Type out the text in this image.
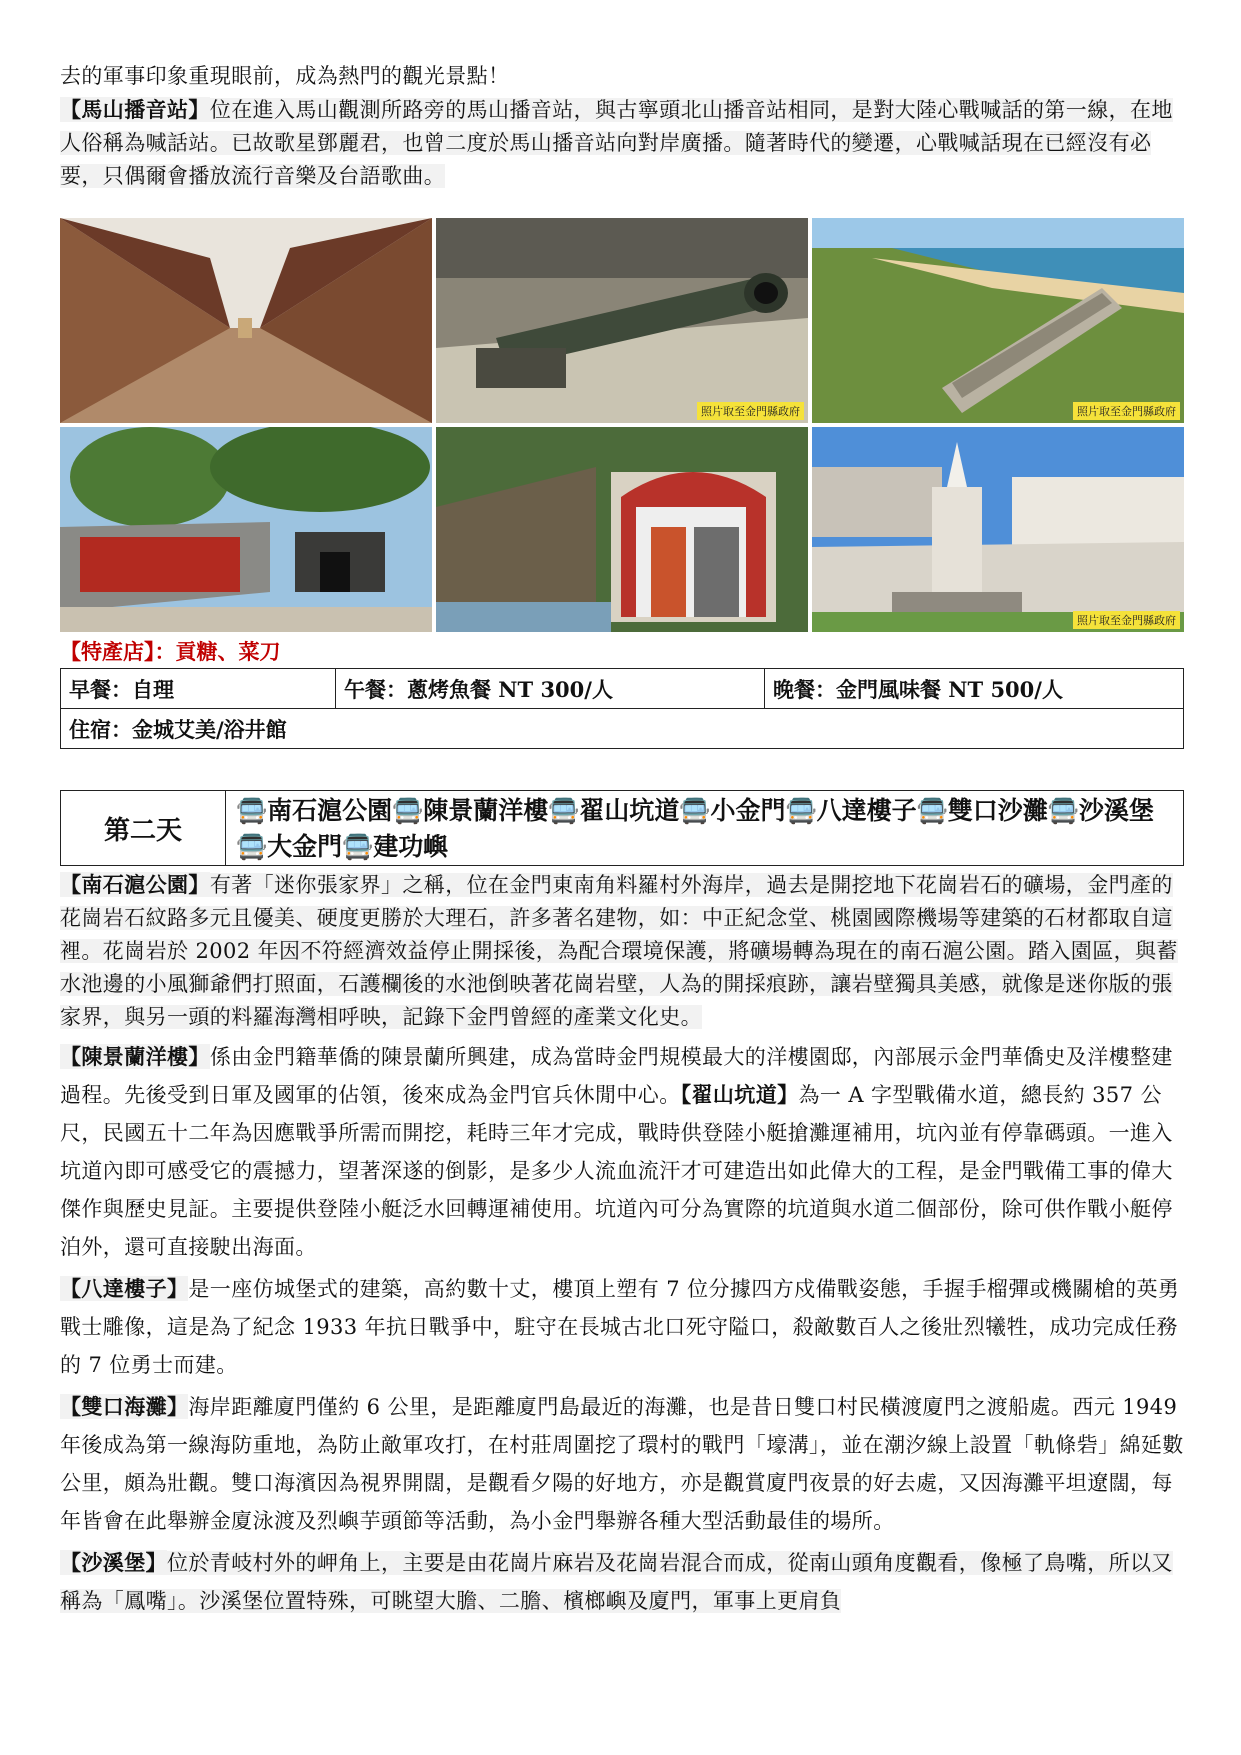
去的軍事印象重現眼前，成為熱門的觀光景點！

【馬山播音站】位在進入馬山觀測所路旁的馬山播音站，與古寧頭北山播音站相同，是對大陸心戰喊話的第一線，在地人俗稱為喊話站。已故歌星鄧麗君，也曾二度於馬山播音站向對岸廣播。隨著時代的變遷，心戰喊話現在已經沒有必要，只偶爾會播放流行音樂及台語歌曲。

照片取至金門縣政府	照片取至金門縣政府
照片取至金門縣政府
【特產店】：貢糖、菜刀
早餐：自理	午餐：蔥烤魚餐 NT 300/人	晚餐：金門風味餐 NT 500/人
住宿：金城艾美/浴井館
第二天
🚍南石滬公園🚍陳景蘭洋樓🚍翟山坑道🚍小金門🚍八達樓子🚍雙口沙灘🚍沙溪堡🚍大金門🚍建功嶼

【南石滬公園】有著「迷你張家界」之稱，位在金門東南角料羅村外海岸，過去是開挖地下花崗岩石的礦場，金門產的花崗岩石紋路多元且優美、硬度更勝於大理石，許多著名建物，如：中正紀念堂、桃園國際機場等建築的石材都取自這裡。花崗岩於 2002 年因不符經濟效益停止開採後，為配合環境保護，將礦場轉為現在的南石滬公園。踏入園區，與蓄水池邊的小風獅爺們打照面，石護欄後的水池倒映著花崗岩壁，人為的開採痕跡，讓岩壁獨具美感，就像是迷你版的張家界，與另一頭的料羅海灣相呼映，記錄下金門曾經的產業文化史。

【陳景蘭洋樓】係由金門籍華僑的陳景蘭所興建，成為當時金門規模最大的洋樓園邸，內部展示金門華僑史及洋樓整建過程。先後受到日軍及國軍的佔領，後來成為金門官兵休閒中心。【翟山坑道】為一 A 字型戰備水道，總長約 357 公尺，民國五十二年為因應戰爭所需而開挖，耗時三年才完成，戰時供登陸小艇搶灘運補用，坑內並有停靠碼頭。一進入坑道內即可感受它的震撼力，望著深遂的倒影，是多少人流血流汗才可建造出如此偉大的工程，是金門戰備工事的偉大傑作與歷史見証。主要提供登陸小艇泛水回轉運補使用。坑道內可分為實際的坑道與水道二個部份，除可供作戰小艇停泊外，還可直接駛出海面。

【八達樓子】是一座仿城堡式的建築，高約數十丈，樓頂上塑有 7 位分據四方戍備戰姿態，手握手榴彈或機關槍的英勇戰士雕像，這是為了紀念 1933 年抗日戰爭中，駐守在長城古北口死守隘口，殺敵數百人之後壯烈犧牲，成功完成任務的 7 位勇士而建。

【雙口海灘】海岸距離廈門僅約 6 公里，是距離廈門島最近的海灘，也是昔日雙口村民橫渡廈門之渡船處。西元 1949 年後成為第一線海防重地，為防止敵軍攻打，在村莊周圍挖了環村的戰門「壕溝」，並在潮汐線上設置「軌條砦」綿延數公里，頗為壯觀。雙口海濱因為視界開闊，是觀看夕陽的好地方，亦是觀賞廈門夜景的好去處，又因海灘平坦遼闊，每年皆會在此舉辦金廈泳渡及烈嶼芋頭節等活動，為小金門舉辦各種大型活動最佳的場所。

【沙溪堡】位於青岐村外的岬角上，主要是由花崗片麻岩及花崗岩混合而成，從南山頭角度觀看，像極了鳥嘴，所以又稱為「鳳嘴」。沙溪堡位置特殊，可眺望大膽、二膽、檳榔嶼及廈門，軍事上更肩負
